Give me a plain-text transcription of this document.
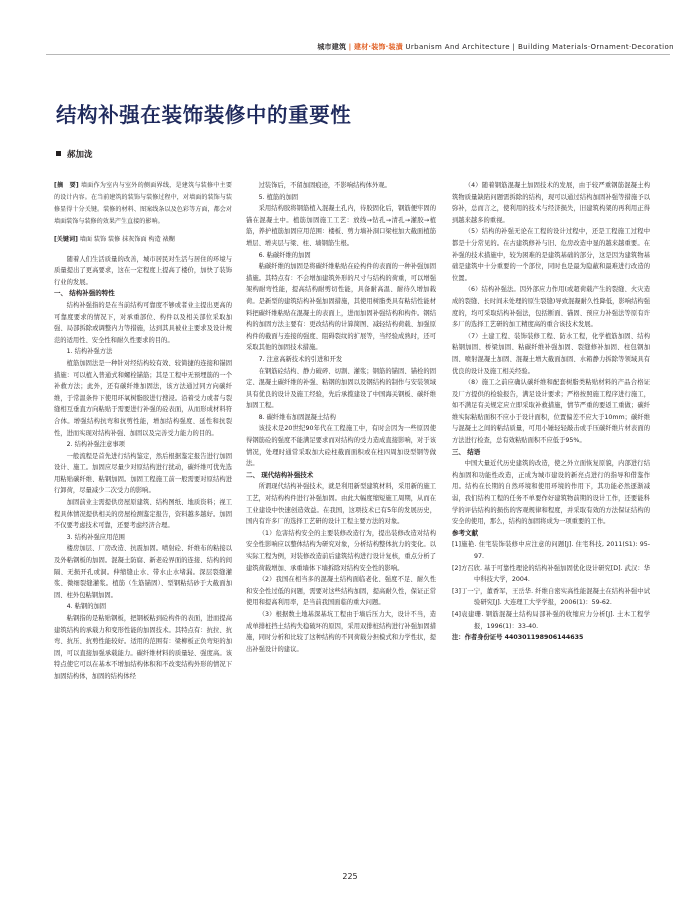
城市建筑 | 建材·装饰·装潢 Urbanism And Architecture | Building Materials·Ornament·Decoration
结构补强在装饰装修中的重要性
郝加泷

[摘　要] 墙面作为室内与室外的侧面界线，是建筑与装修中主要的设计内容。在当前建筑的装饰与装修过程中，对墙面的装饰与装修显得十分关键。装修的材料、图案线条以及色彩等方面，都会对墙面装饰与装修的效果产生直接的影响。

[关键词] 墙面 装饰 装修 抹灰饰面 构造 裱糊

随着人们生活质量的改善，城市居民对生活与居住的环境与质量提出了更高要求，这在一定程度上提高了楼价，加快了装饰行业的发展。

一、 结构补强的特性

结构补强指的是在当前结构可靠度不够或者业主提出更高的可靠度要求的情况下，对承重部位、构件以及相关部位采取加强、局部拆除或调整内力等措施，达到其具被业主要求及设计规范的适用性、安全性和耐久性要求的目的。

1. 结构补强方法

植筋加固法是一种针对经结构较有效、较简捷的连接和锚固措施：可以植入普通式和螺栓锚筋；其是工程中无预埋筋的一个补救方法；此外，还有碳纤维加固法，该方法通过同方向碳纤维，于常温条件下使用环氧树脂胶进行搜浸。沿着受力或者与裂缝相互垂直方向粘贴于需要进行补强的砼表面，从而形成材料符合体。增强结构抗弯和抗剪性能，增加结构强度、延性和抗裂性，进而实现对结构补强、加固以及完善受力能力的目的。

2. 结构补强注意事项

一般流程是首先进行结构鉴定，然后根据鉴定报告进行加固设计、施工。加固应尽量少对原结构进行扰动，碳纤维可优先选用粘贴碳纤维、粘钢加固。加固工程施工前一般需要对原结构进行卸荷，尽量减少二次受力的影响。

加固前业主需提供房屋原建筑、结构图纸、地质资料；视工程具体情况提供相关的房屋检测鉴定报告，资料越多越好。加固不仅要考虑技术可靠，还要考虑经济合理。

3. 结构补强应用范围

楼房加层、厂房改造、抗震加固。喷射砼、纤维布的粘接以及外粘钢板的加固。混凝土防腐、新老砼界面的连接、结构的间隔、无损开孔或洞。伸缩缝止水、带水止水堵漏。深层裂缝灌浆、微细裂缝灌浆。植筋（生筋锚固）、型钢粘结砂于大截面加固、柱外包粘钢加固。

4. 粘钢的加固

粘钢指的是粘贴钢板，把钢板粘到砼构件的表面，进而提高建筑结构的承载力和变形性能的加固技术。其特点有：抗拉、抗弯、抗压、抗剪性能较好。适用的范围有：梁柳板正负弯矩的加固，可以直接加强承载能力。碳纤维材料的质量轻、强度高。该特点使它可以在基本不增加结构体积和不改变结构外形的情况下加固结构体，加固的结构体经

过装饰后，不留加固痕迹，不影响结构体外观。

5. 植筋的加固

采用结构胶将钢筋植入混凝土孔内，待胶固化后，钢筋便牢固的锚在混凝土中。植筋加固施工工艺：放线→钻孔→清孔→灌胶→植筋，养护植筋加固应用范围：楼板、剪力墙补洞口梁柱加大截面植筋增层、增夹层与梁、柱、墙钢筋生根。

6. 粘碳纤维的加固

粘碳纤维的加固是将碳纤维粘贴在砼构件的表面的一种补强加固措施。其特点有：不会增加建筑外形的尺寸与结构的荷重，可以增强架构耐弯性能，提高结构耐剪切性能，具备耐高温、耐待久增加载荷。是新型的建筑结构补强加固措施，其使用树脂类具有粘结性能材料把碳纤维粘贴在混凝土的表面上，进而加固补强结构和构件。钢结构的加固方法主要有：更改结构的计算简图、减轻结构荷载、加强原构件的截面与连接的强度、阻碍裂纹的扩展等，当经验成熟时，还可采取其他的加固技术措施。

7. 注意高新技术的引进和开发

在钢筋砼结构、静力破碎、切割、灌浆；钢筋的锚固、锚栓的固定、混凝土碳纤维的补强、粘钢的加固以及钢结构的制作与安装领域具有优良的设计及施工经验，先后承揽建设了中国海关钢板、碳纤维加固工程。

8. 碳纤维布加固混凝土结构

该技术是20世纪90年代在工程施工中，有时会因为一些原因使得钢筋砼的强度不能满足要求而对结构的受力造成直接影响，对于该情况，处理时通常采取加大砼柱截面面积或在柱四周加设型钢等做法。

二、 现代结构补强技术

所谓现代结构补强技术，就是利用新型建筑材料，采用新的施工工艺，对结构构件进行补强加固。由此大幅度缩短施工周期，从而在工业建设中快速创造效益。在我国，这项技术已有5年的发展历史，国内有许多厂的选择工艺研的设计工程主要方法的对象。

（1）危害结构安全的主要装修改造行为，提出装修改造对结构安全性影响应以整体结构为研究对象，分析结构整体抗力的变化。以实际工程为例，对装修改造前后建筑结构进行设计复核，重点分析了建筑荷载增加、承重墙体下墙拆除对结构安全性的影响。

（2）我国在相当多的混凝土结构面临老化、强度不足、耐久性和安全性过低的问题，需要对这些结构加固，提高耐久性，保证正常使用和提高利用率，是当前我国面临的重大问题。

（3）根据数土地基深基坑工程由于墙后压力大，设计不当，造成单排桩挡土结构失稳破坏的原因，采用双排桩结构进行补强加固措施，同时分析和比较了这种结构的不同荷载分担模式和力学性状，提出补强设计的建议。

（4）随着钢筋混凝土加固技术的发展，由于较严重钢筋混凝土构筑物质量缺陷问题需拆除的结构，现可以通过结构加固补强等措施予以弥补，总而言之，使利用的技术与经济损失，旧建筑构架的再利用正得到越来越多的重视。

（5）结构的补强无论在工程的设计过程中，还是工程施工过程中都是十分常见的。在古建筑修补与旧、危房改造中显的越来越重要。在补强的技术措施中，较为困难的是建筑基础的部分，这是因为建筑物基础是建筑中十分重要的一个部位，同时也是最为隐蔽和最难进行改造的位置。

（6）结构补强法。因外部应力作用(或超荷载产生的裂缝、火灾造成的裂缝、长时间未处理的原生裂缝)导致混凝耐久性降低，影响结构强度的，均可采取结构补强法，包括断面、锚固、预应力补强法等原有许多厂的选择工艺研的加工精度高的重合该技术发展。

（7）土建工程、装饰装修工程、防水工程，化学植筋加固、结构粘钢加固、桥梁加固、粘碳纤维补强加固、裂缝修补加固、柱包钢加固、喷射混凝土加固、混凝土增大截面加固、水箱静力拆除等领域具有优良的设计及施工相关经验。

（8）施工之前应确认碳纤维和配套树脂类粘贴材料的产品合格证及厂方提供的检验报告，满足设计要求；严格按照施工程序进行施工，如不满足有关规定应立即采取补救措施，情节严重的要返工重做；碳纤维实际粘贴面积不应小于设计面积，位置偏差不应大于10mm；碳纤维与混凝土之间的粘结质量，可用小锤轻轻敲击或手压碳纤维片材表面的方法进行检查，总有效粘贴面积不应低于95%。

三、 结语

中国大量近代历史建筑的改造，使之外立面恢复原貌，内部进行结构加固和功能性改造，正成为城市建设的新亮点进行的指导和借鉴作用。结构在长期的自然环境和使用环境的作用下，其功能必然逐渐减弱，我们结构工程的任务不单要作好建筑物前期的设计工作，还要能科学的评估结构的损伤的客观规律和程度，并采取有效的方法保证结构的安全的使用，那么，结构的加固将成为一项重要的工作。

参考文献

[1]施艳. 住宅装饰装修中应注意的问题[J]. 住宅科技, 2011(S1): 95-97.

[2]方召欣. 基于可靠性理论的结构补强加固优化设计研究[D]. 武汉：华中科技大学，2004.

[3]丁一宁，董香军，王岳华. 纤维自密实高性能混凝土在结构补强中试验研究[J]. 大连理工大学学报，2006(1)：59-62.

[4]袁建珊. 钢筋混凝土结构局部补强的收缩应力分析[J]. 土木工程学报，1996(1)：33-40.

注：作者身份证号 440301198906144635

225
